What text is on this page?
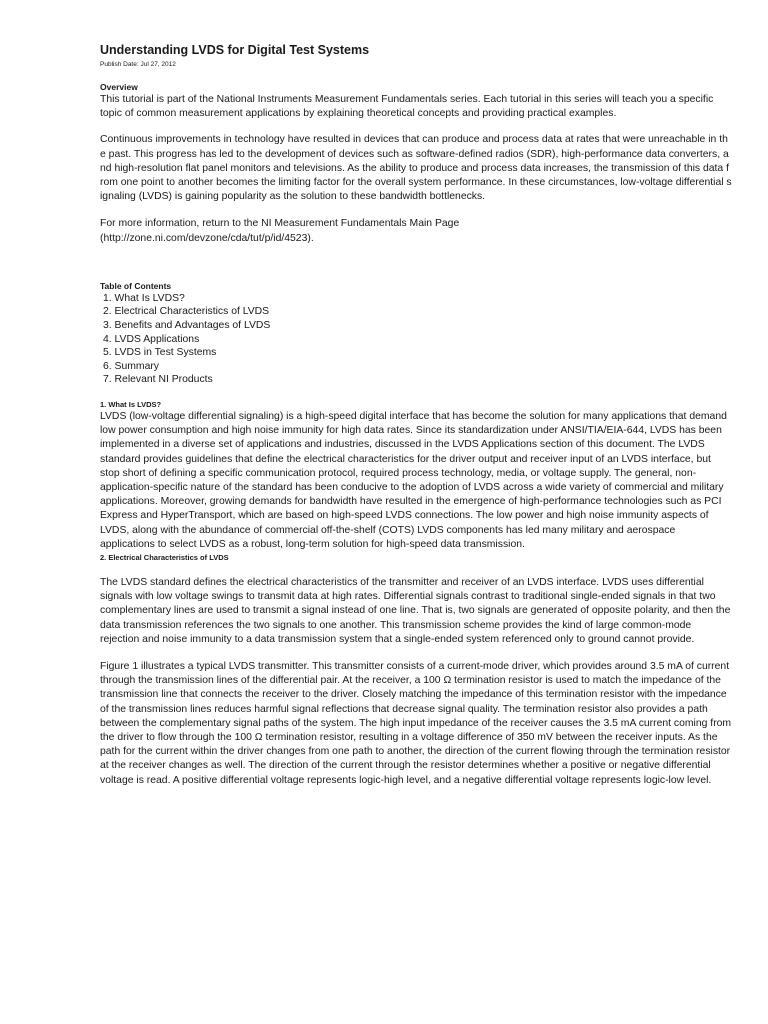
Understanding LVDS for Digital Test Systems
Publish Date: Jul 27, 2012
Overview

This tutorial is part of the National Instruments Measurement Fundamentals series. Each tutorial in this series will teach you a specific topic of common measurement applications by explaining theoretical concepts and providing practical examples.

Continuous improvements in technology have resulted in devices that can produce and process data at rates that were unreachable in the past. This progress has led to the development of devices such as software-defined radios (SDR), high-performance data converters, and high-resolution flat panel monitors and televisions. As the ability to produce and process data increases, the transmission of this data from one point to another becomes the limiting factor for the overall system performance. In these circumstances, low-voltage differential signaling (LVDS) is gaining popularity as the solution to these bandwidth bottlenecks.

For more information, return to the NI Measurement Fundamentals Main Page
(http://zone.ni.com/devzone/cda/tut/p/id/4523).

Table of Contents
1. What Is LVDS?
2. Electrical Characteristics of LVDS
3. Benefits and Advantages of LVDS
4. LVDS Applications
5. LVDS in Test Systems
6. Summary
7. Relevant NI Products
1. What Is LVDS?

LVDS (low-voltage differential signaling) is a high-speed digital interface that has become the solution for many applications that demand low power consumption and high noise immunity for high data rates. Since its standardization under ANSI/TIA/EIA-644, LVDS has been implemented in a diverse set of applications and industries, discussed in the LVDS Applications section of this document. The LVDS standard provides guidelines that define the electrical characteristics for the driver output and receiver input of an LVDS interface, but stop short of defining a specific communication protocol, required process technology, media, or voltage supply. The general, non-application-specific nature of the standard has been conducive to the adoption of LVDS across a wide variety of commercial and military applications. Moreover, growing demands for bandwidth have resulted in the emergence of high-performance technologies such as PCI Express and HyperTransport, which are based on high-speed LVDS connections. The low power and high noise immunity aspects of LVDS, along with the abundance of commercial off-the-shelf (COTS) LVDS components has led many military and aerospace applications to select LVDS as a robust, long-term solution for high-speed data transmission.

2. Electrical Characteristics of LVDS

The LVDS standard defines the electrical characteristics of the transmitter and receiver of an LVDS interface. LVDS uses differential signals with low voltage swings to transmit data at high rates. Differential signals contrast to traditional single-ended signals in that two complementary lines are used to transmit a signal instead of one line. That is, two signals are generated of opposite polarity, and then the data transmission references the two signals to one another. This transmission scheme provides the kind of large common-mode rejection and noise immunity to a data transmission system that a single-ended system referenced only to ground cannot provide.

Figure 1 illustrates a typical LVDS transmitter. This transmitter consists of a current-mode driver, which provides around 3.5 mA of current through the transmission lines of the differential pair. At the receiver, a 100 Ω termination resistor is used to match the impedance of the transmission line that connects the receiver to the driver. Closely matching the impedance of this termination resistor with the impedance of the transmission lines reduces harmful signal reflections that decrease signal quality. The termination resistor also provides a path between the complementary signal paths of the system. The high input impedance of the receiver causes the 3.5 mA current coming from the driver to flow through the 100 Ω termination resistor, resulting in a voltage difference of 350 mV between the receiver inputs. As the path for the current within the driver changes from one path to another, the direction of the current flowing through the termination resistor at the receiver changes as well. The direction of the current through the resistor determines whether a positive or negative differential voltage is read. A positive differential voltage represents logic-high level, and a negative differential voltage represents logic-low level.
